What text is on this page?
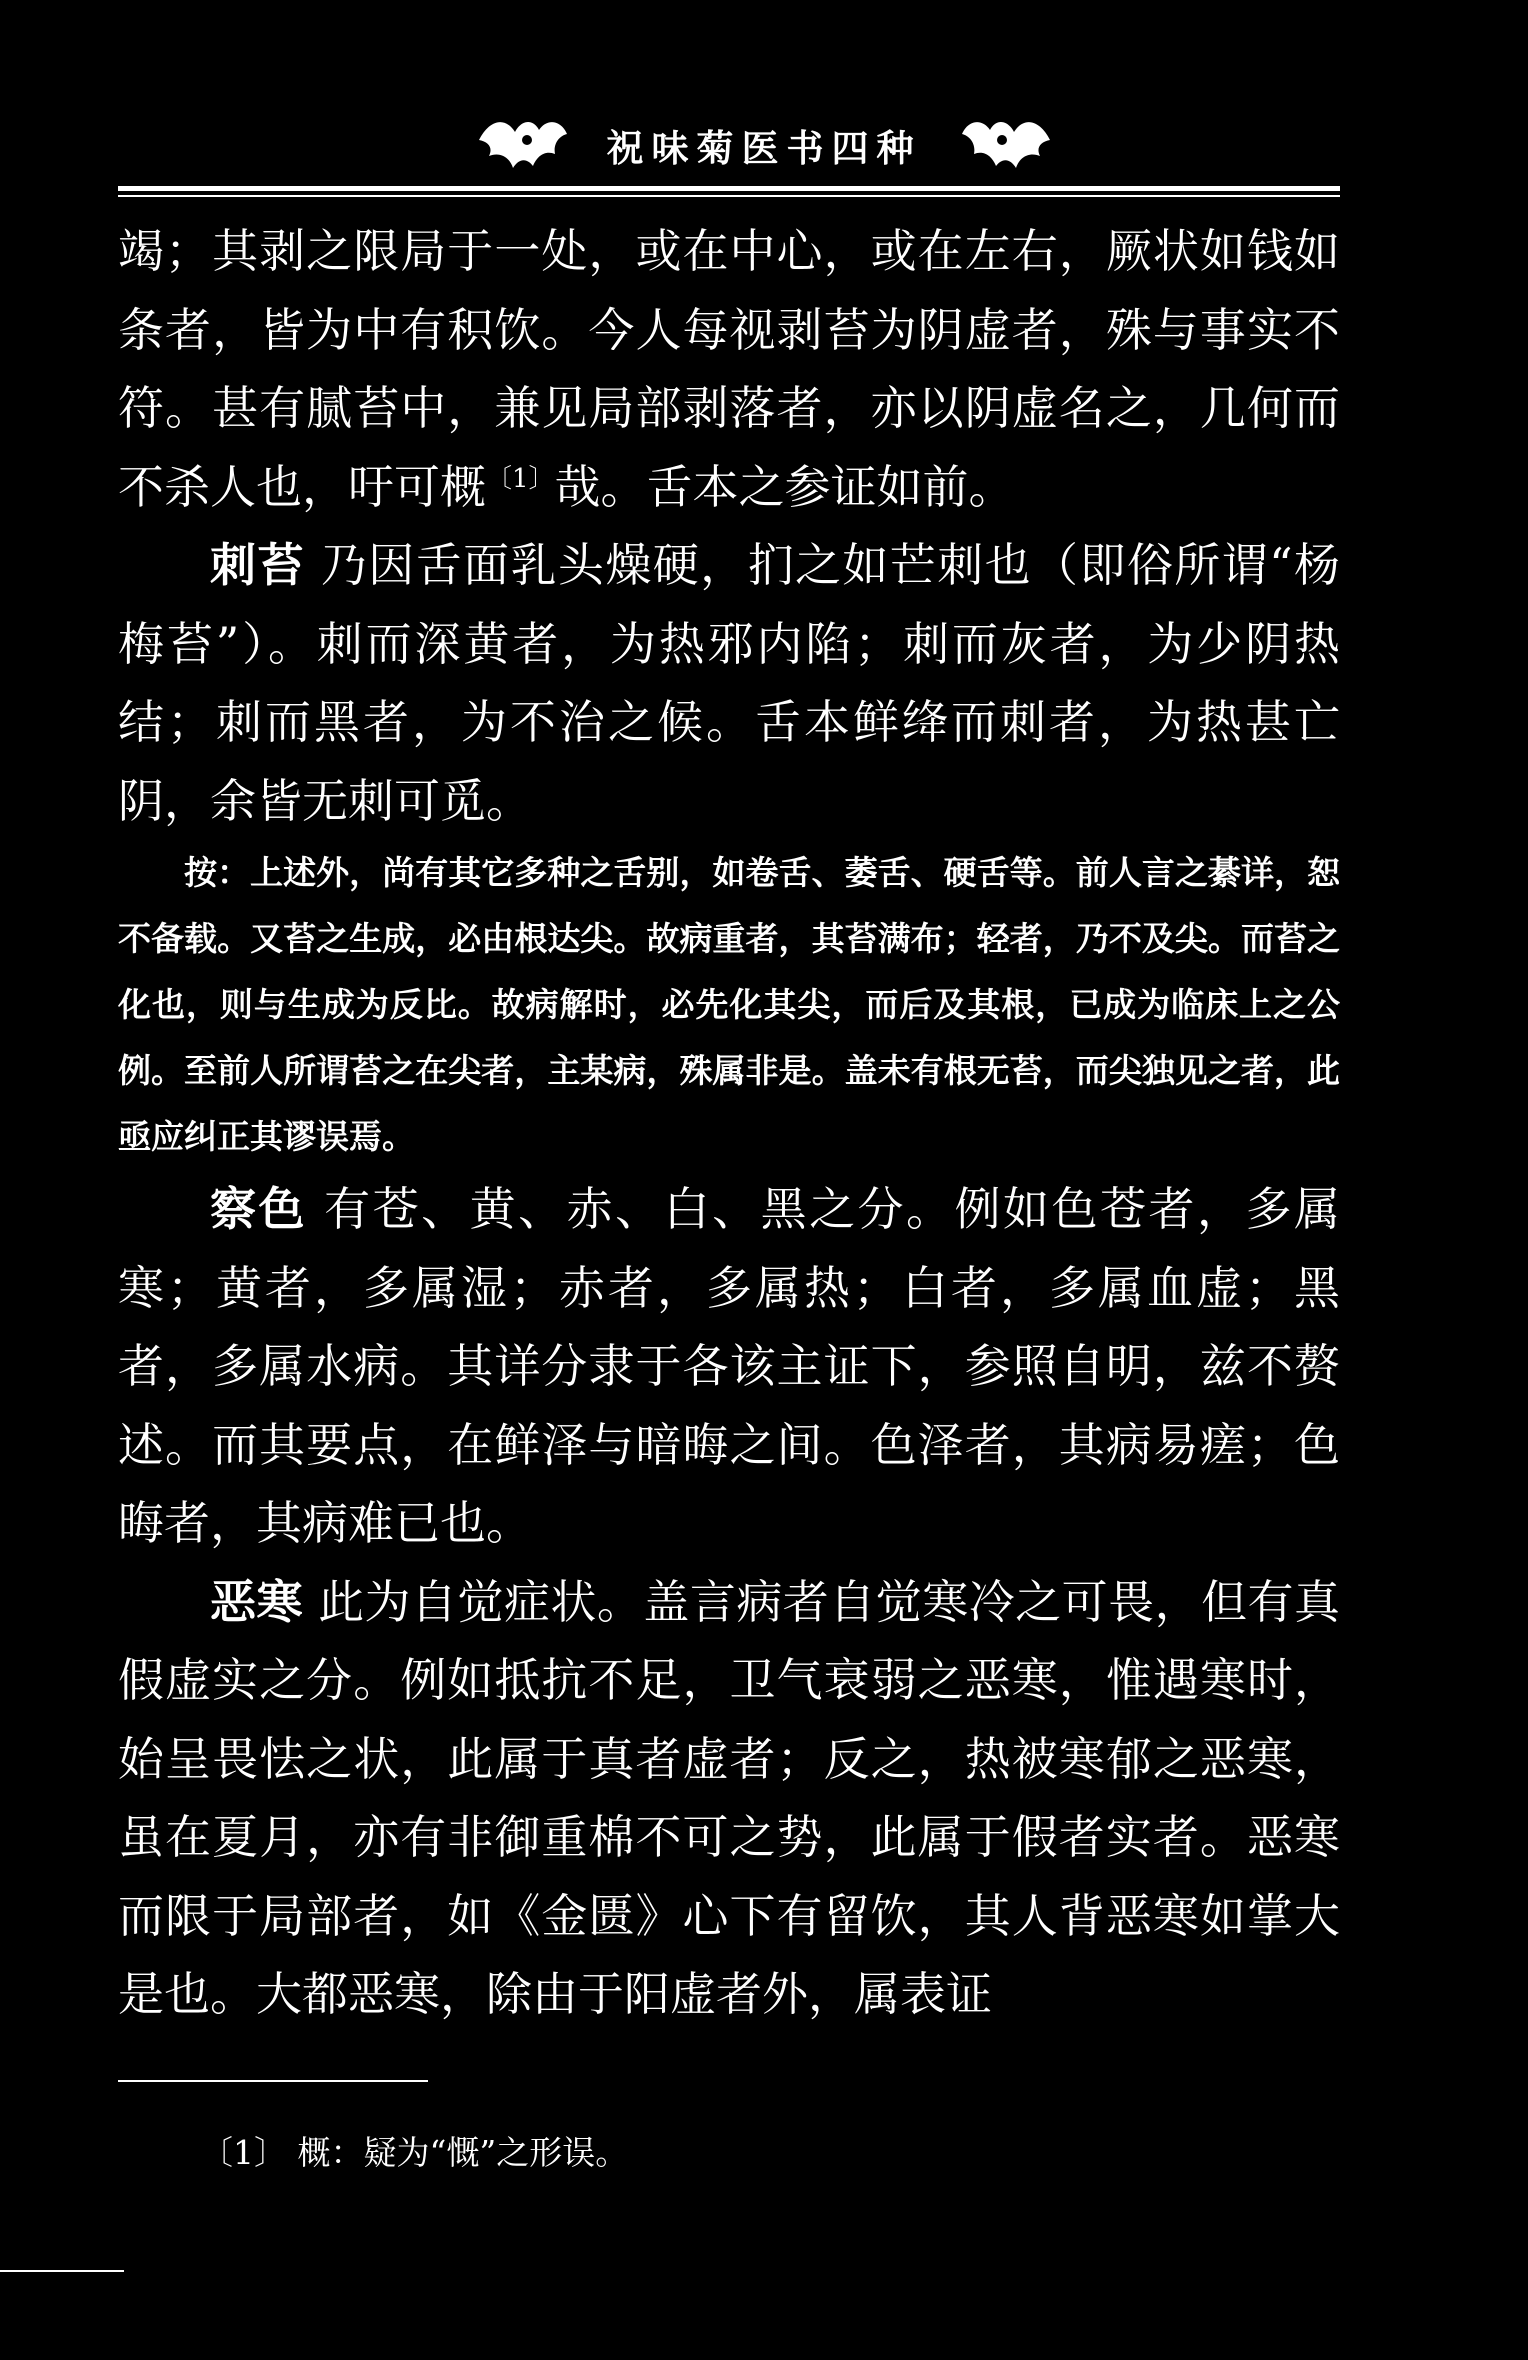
祝味菊医书四种

竭；其剥之限局于一处，或在中心，或在左右，厥状如钱如条者，皆为中有积饮。今人每视剥苔为阴虚者，殊与事实不符。甚有腻苔中，兼见局部剥落者，亦以阴虚名之，几何而不杀人也，吁可概$^{〔1〕}$哉。舌本之参证如前。

刺苔 乃因舌面乳头燥硬，扪之如芒刺也（即俗所谓“杨梅苔”）。刺而深黄者，为热邪内陷；刺而灰者，为少阴热结；刺而黑者，为不治之候。舌本鲜绛而刺者，为热甚亡阴，余皆无刺可觅。

按：上述外，尚有其它多种之舌别，如卷舌、萎舌、硬舌等。前人言之綦详，恕不备载。又苔之生成，必由根达尖。故病重者，其苔满布；轻者，乃不及尖。而苔之化也，则与生成为反比。故病解时，必先化其尖，而后及其根，已成为临床上之公例。至前人所谓苔之在尖者，主某病，殊属非是。盖未有根无苔，而尖独见之者，此亟应纠正其谬误焉。

察色 有苍、黄、赤、白、黑之分。例如色苍者，多属寒；黄者，多属湿；赤者，多属热；白者，多属血虚；黑者，多属水病。其详分隶于各该主证下，参照自明，兹不赘述。而其要点，在鲜泽与暗晦之间。色泽者，其病易瘥；色晦者，其病难已也。

恶寒 此为自觉症状。盖言病者自觉寒冷之可畏，但有真假虚实之分。例如抵抗不足，卫气衰弱之恶寒，惟遇寒时，始呈畏怯之状，此属于真者虚者；反之，热被寒郁之恶寒，虽在夏月，亦有非御重棉不可之势，此属于假者实者。恶寒而限于局部者，如《金匮》心下有留饮，其人背恶寒如掌大是也。大都恶寒，除由于阳虚者外，属表证

〔1〕 概：疑为“慨”之形误。
